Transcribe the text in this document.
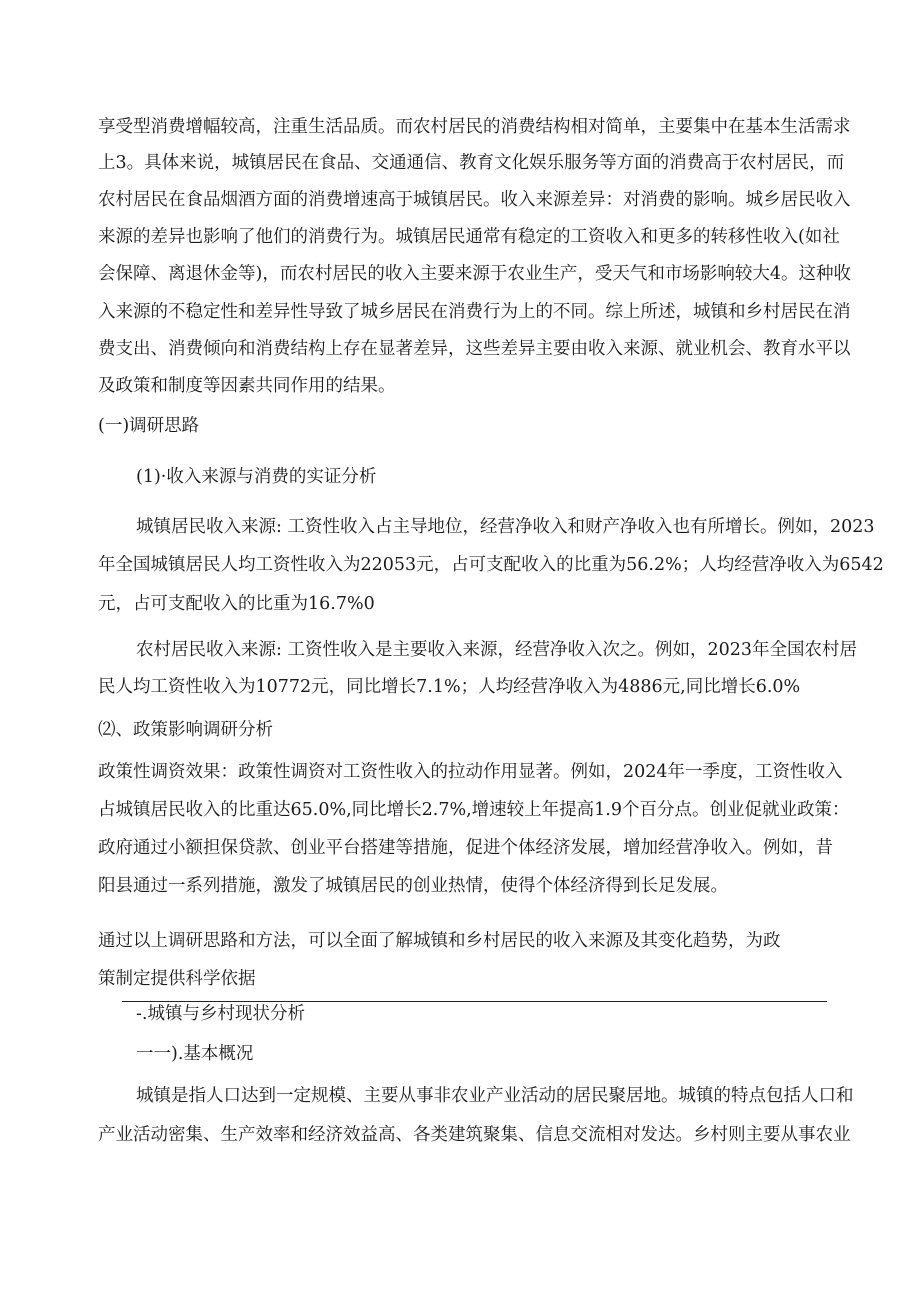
享受型消费增幅较高，注重生活品质。而农村居民的消费结构相对简单，主要集中在基本生活需求
上3。具体来说，城镇居民在食品、交通通信、教育文化娱乐服务等方面的消费高于农村居民，而
农村居民在食品烟酒方面的消费增速高于城镇居民。收入来源差异：对消费的影响。城乡居民收入
来源的差异也影响了他们的消费行为。城镇居民通常有稳定的工资收入和更多的转移性收入(如社
会保障、离退休金等)，而农村居民的收入主要来源于农业生产，受天气和市场影响较大4。这种收
入来源的不稳定性和差异性导致了城乡居民在消费行为上的不同。综上所述，城镇和乡村居民在消
费支出、消费倾向和消费结构上存在显著差异，这些差异主要由收入来源、就业机会、教育水平以
及政策和制度等因素共同作用的结果。
(一)调研思路
(1)·收入来源与消费的实证分析
城镇居民收入来源: 工资性收入占主导地位，经营净收入和财产净收入也有所增长。例如，2023
年全国城镇居民人均工资性收入为22053元，占可支配收入的比重为56.2%；人均经营净收入为6542
元，占可支配收入的比重为16.7%0
农村居民收入来源: 工资性收入是主要收入来源，经营净收入次之。例如，2023年全国农村居
民人均工资性收入为10772元，同比增长7.1%；人均经营净收入为4886元,同比增长6.0%
⑵、政策影响调研分析
政策性调资效果：政策性调资对工资性收入的拉动作用显著。例如，2024年一季度，工资性收入
占城镇居民收入的比重达65.0%,同比增长2.7%,增速较上年提高1.9个百分点。创业促就业政策：
政府通过小额担保贷款、创业平台搭建等措施，促进个体经济发展，增加经营净收入。例如，昔
阳县通过一系列措施，激发了城镇居民的创业热情，使得个体经济得到长足发展。
通过以上调研思路和方法，可以全面了解城镇和乡村居民的收入来源及其变化趋势，为政
策制定提供科学依据
-.城镇与乡村现状分析
一一).基本概况
城镇是指人口达到一定规模、主要从事非农业产业活动的居民聚居地。城镇的特点包括人口和
产业活动密集、生产效率和经济效益高、各类建筑聚集、信息交流相对发达。乡村则主要从事农业
